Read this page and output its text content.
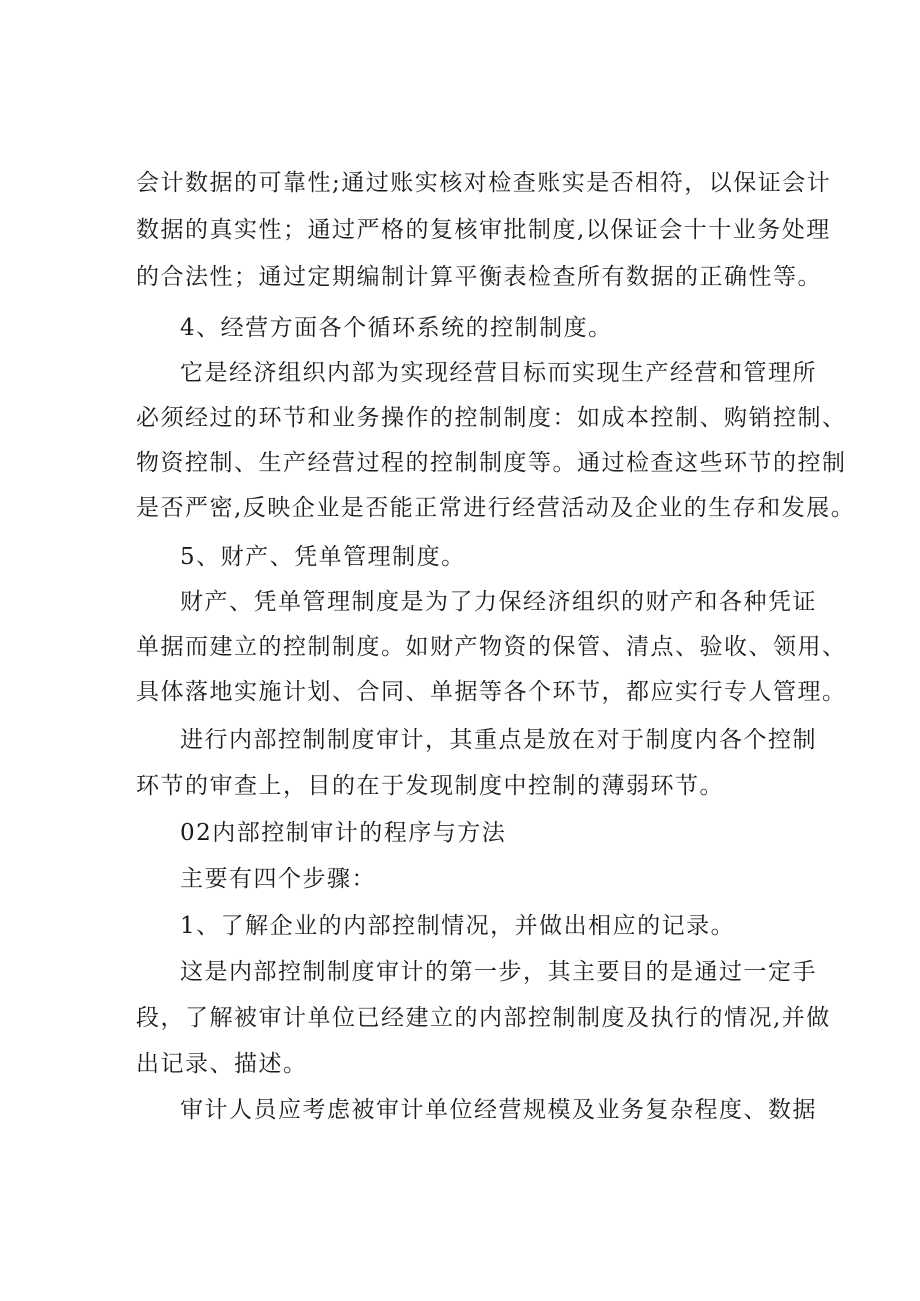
会计数据的可靠性;通过账实核对检查账实是否相符，以保证会计
数据的真实性；通过严格的复核审批制度,以保证会十十业务处理
的合法性；通过定期编制计算平衡表检查所有数据的正确性等。
4、经营方面各个循环系统的控制制度。
它是经济组织内部为实现经营目标而实现生产经营和管理所
必须经过的环节和业务操作的控制制度：如成本控制、购销控制、
物资控制、生产经营过程的控制制度等。通过检查这些环节的控制
是否严密,反映企业是否能正常进行经营活动及企业的生存和发展。
5、财产、凭单管理制度。
财产、凭单管理制度是为了力保经济组织的财产和各种凭证
单据而建立的控制制度。如财产物资的保管、清点、验收、领用、
具体落地实施计划、合同、单据等各个环节，都应实行专人管理。
进行内部控制制度审计，其重点是放在对于制度内各个控制
环节的审查上，目的在于发现制度中控制的薄弱环节。
02内部控制审计的程序与方法
主要有四个步骤：
1、了解企业的内部控制情况，并做出相应的记录。
这是内部控制制度审计的第一步，其主要目的是通过一定手
段，了解被审计单位已经建立的内部控制制度及执行的情况,并做
出记录、描述。
审计人员应考虑被审计单位经营规模及业务复杂程度、数据
